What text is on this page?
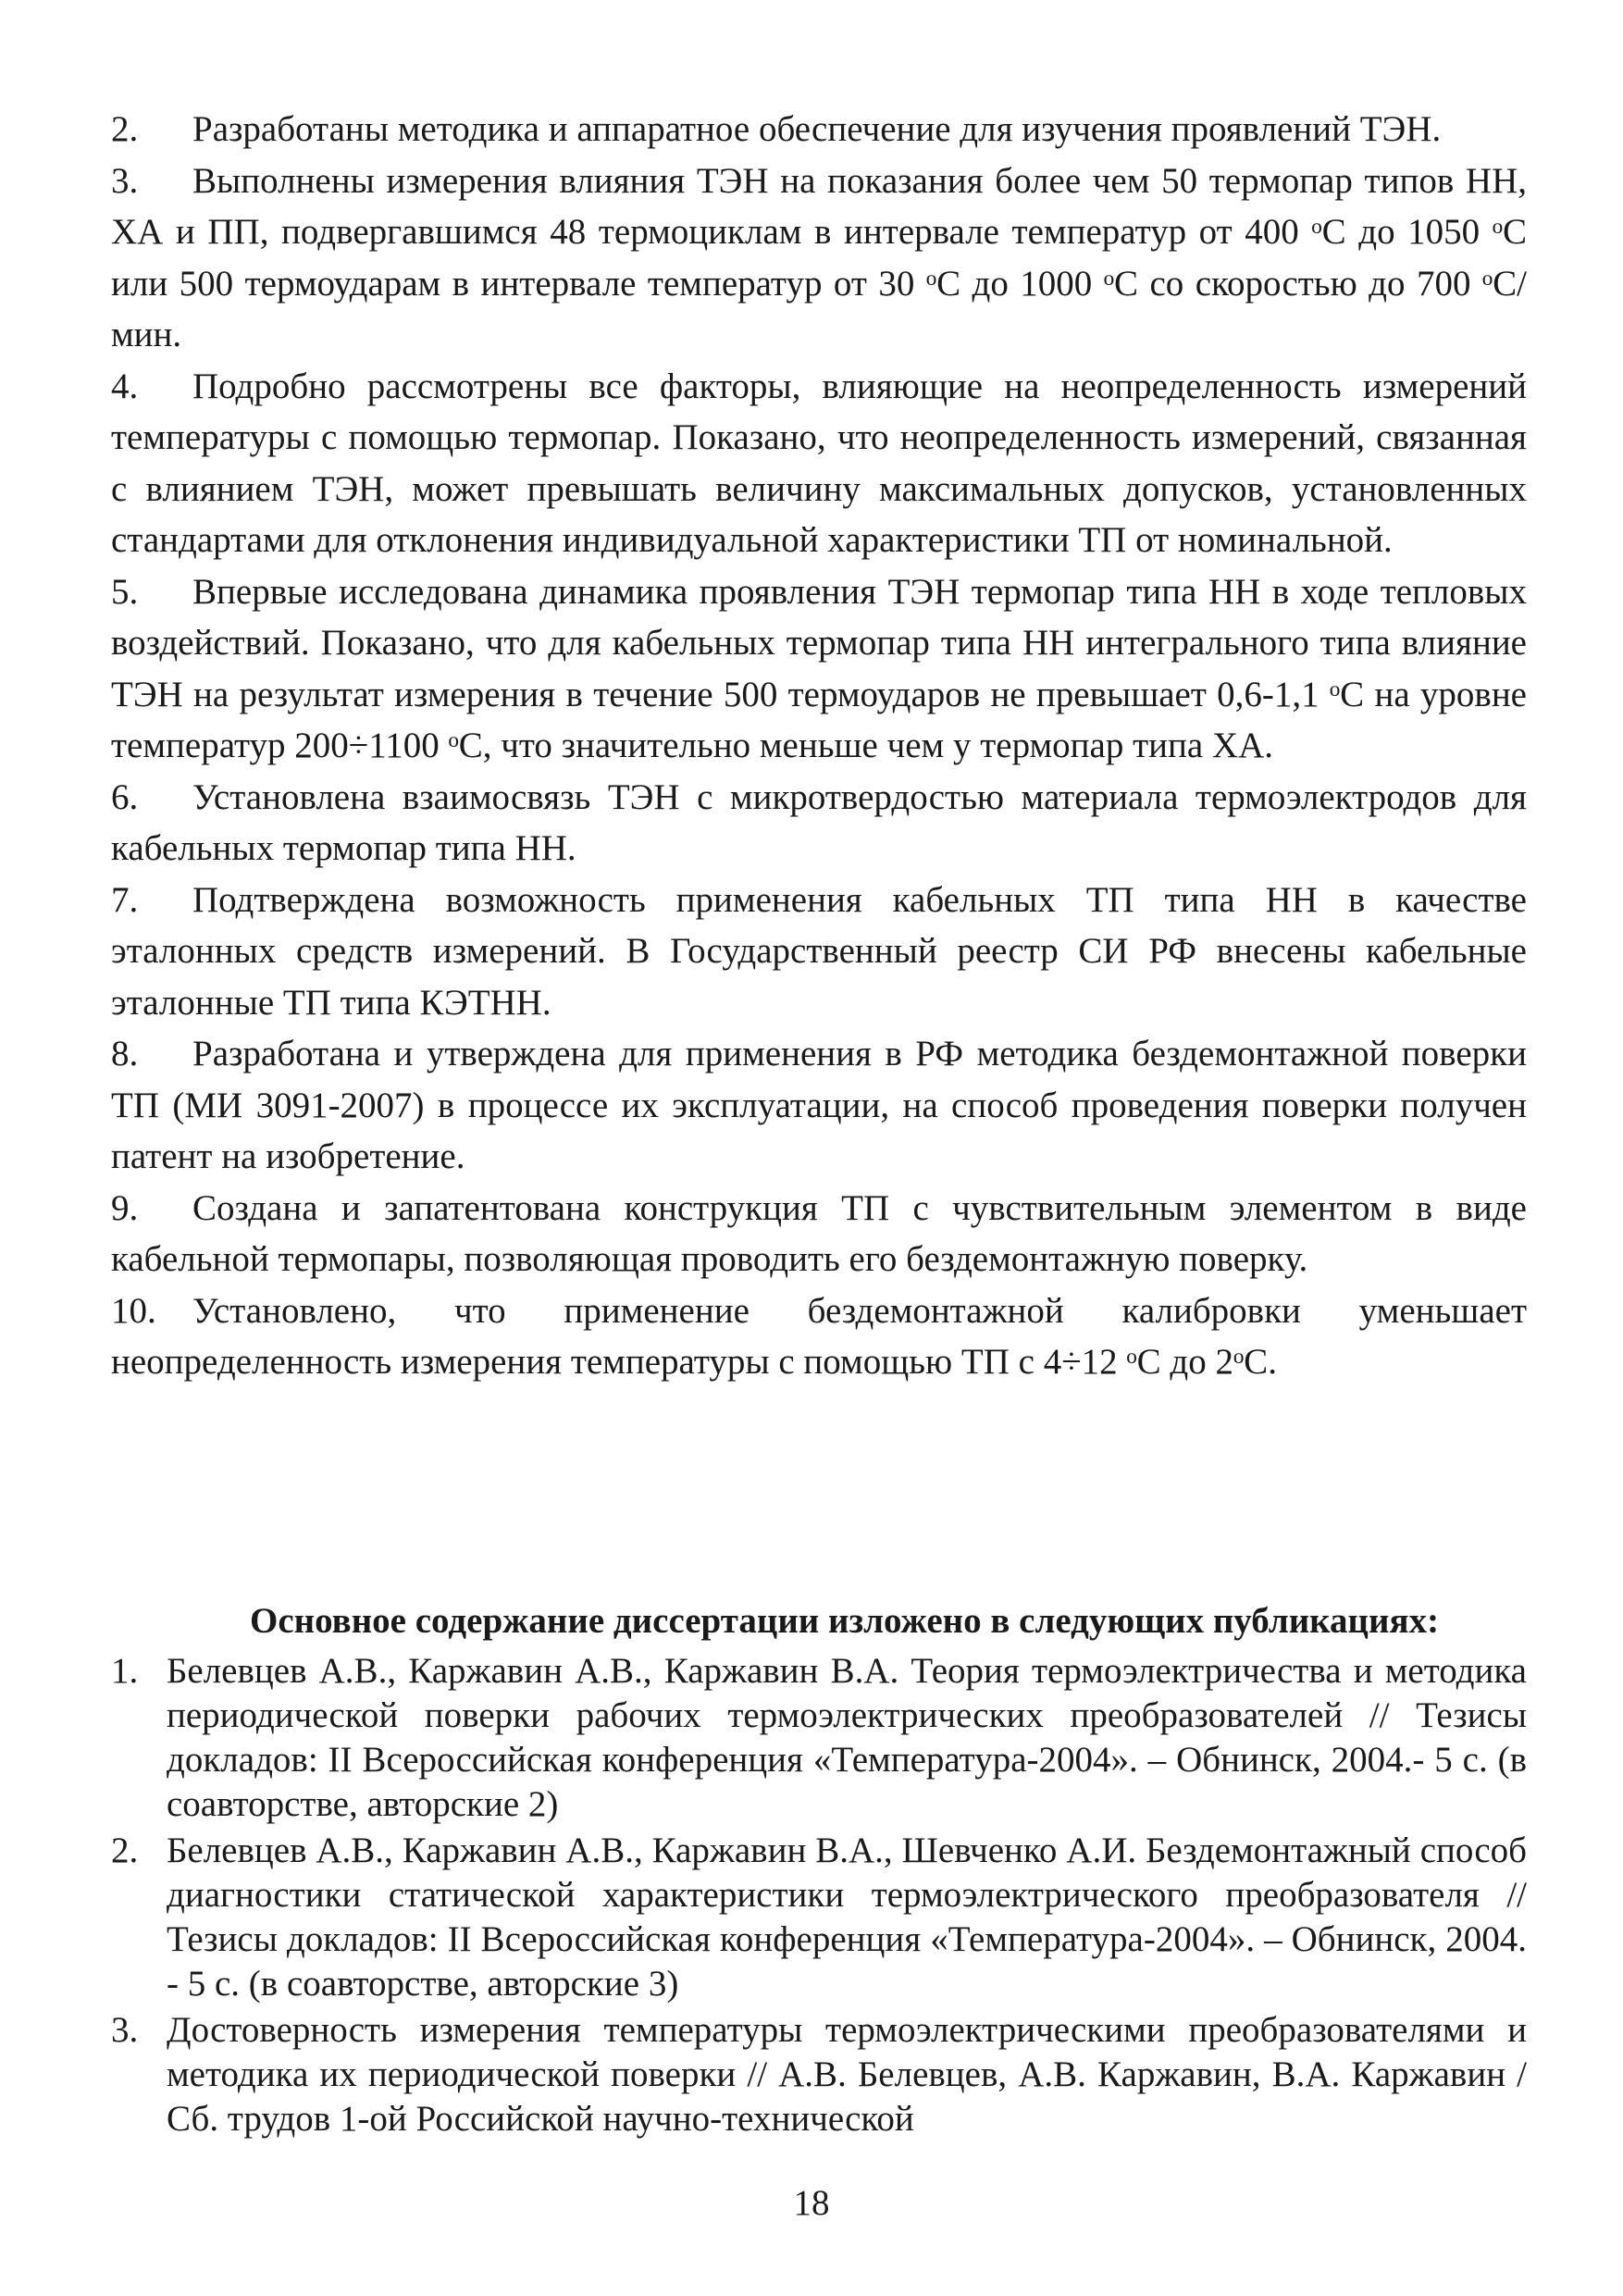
2. Разработаны методика и аппаратное обеспечение для изучения проявлений ТЭН.
3. Выполнены измерения влияния ТЭН на показания более чем 50 термопар типов НН, ХА и ПП, подвергавшимся 48 термоциклам в интервале температур от 400 ᵒС до 1050 ᵒС или 500 термоударам в интервале температур от 30 ᵒС до 1000 ᵒС со скоростью до 700 ᵒС/мин.
4. Подробно рассмотрены все факторы, влияющие на неопределенность измерений температуры с помощью термопар. Показано, что неопределенность измерений, связанная с влиянием ТЭН, может превышать величину максимальных допусков, установленных стандартами для отклонения индивидуальной характеристики ТП от номинальной.
5. Впервые исследована динамика проявления ТЭН термопар типа НН в ходе тепловых воздействий. Показано, что для кабельных термопар типа НН интегрального типа влияние ТЭН на результат измерения в течение 500 термоударов не превышает 0,6-1,1 ᵒС на уровне температур 200÷1100 ᵒС, что значительно меньше чем у термопар типа ХА.
6. Установлена взаимосвязь ТЭН с микротвердостью материала термоэлектродов для кабельных термопар типа НН.
7. Подтверждена возможность применения кабельных ТП типа НН в качестве эталонных средств измерений. В Государственный реестр СИ РФ внесены кабельные эталонные ТП типа КЭТНН.
8. Разработана и утверждена для применения в РФ методика бездемонтажной поверки ТП (МИ 3091-2007) в процессе их эксплуатации, на способ проведения поверки получен патент на изобретение.
9. Создана и запатентована конструкция ТП с чувствительным элементом в виде кабельной термопары, позволяющая проводить его бездемонтажную поверку.
10. Установлено, что применение бездемонтажной калибровки уменьшает неопределенность измерения температуры с помощью ТП с 4÷12 ᵒС до 2ᵒС.
Основное содержание диссертации изложено в следующих публикациях:
1. Белевцев А.В., Каржавин А.В., Каржавин В.А. Теория термоэлектричества и методика периодической поверки рабочих термоэлектрических преобразователей // Тезисы докладов: II Всероссийская конференция «Температура-2004». – Обнинск, 2004.- 5 с. (в соавторстве, авторские 2)
2. Белевцев А.В., Каржавин А.В., Каржавин В.А., Шевченко А.И. Бездемонтажный способ диагностики статической характеристики термоэлектрического преобразователя // Тезисы докладов: II Всероссийская конференция «Температура-2004». – Обнинск, 2004. - 5 с. (в соавторстве, авторские 3)
3. Достоверность измерения температуры термоэлектрическими преобразователями и методика их периодической поверки // А.В. Белевцев, А.В. Каржавин, В.А. Каржавин / Сб. трудов 1-ой Российской научно-технической
18
